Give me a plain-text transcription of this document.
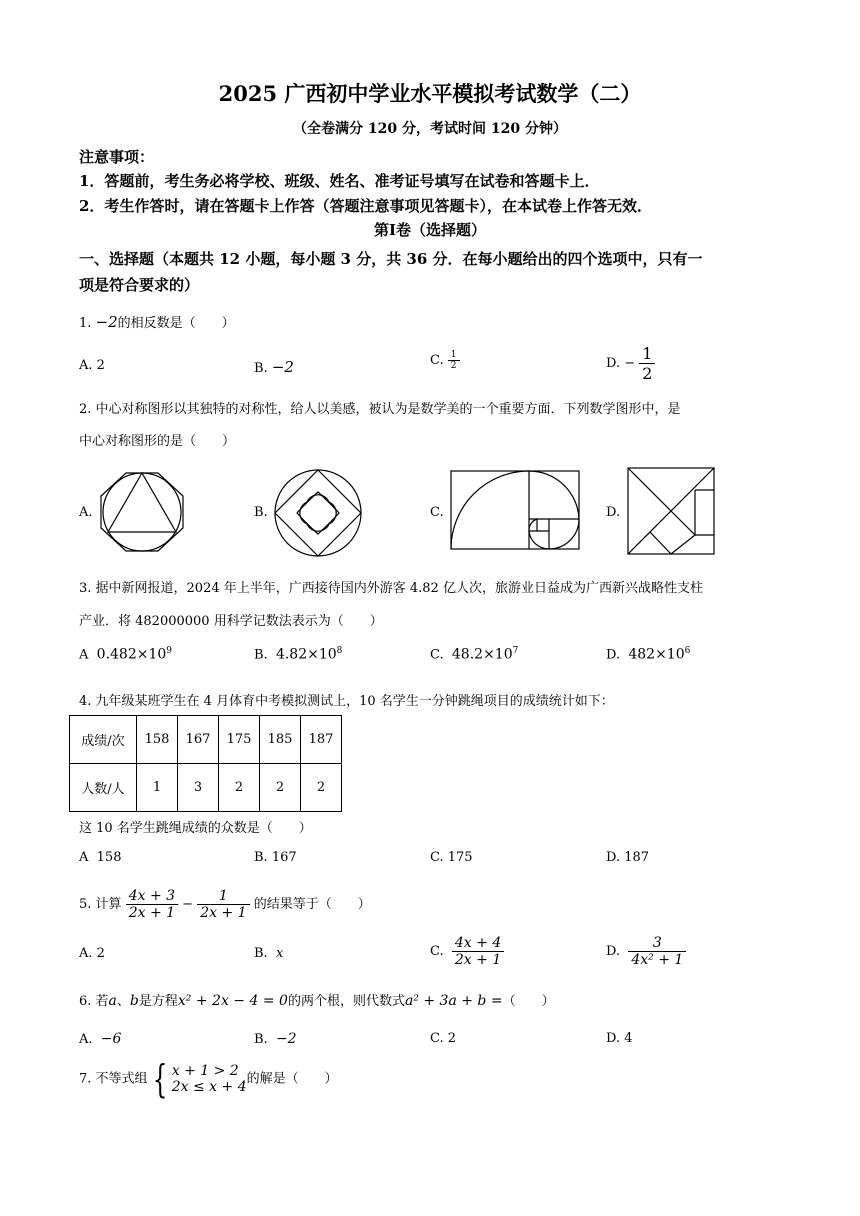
2025 广西初中学业水平模拟考试数学（二）
（全卷满分 120 分，考试时间 120 分钟）
注意事项：
1．答题前，考生务必将学校、班级、姓名、准考证号填写在试卷和答题卡上．
2．考生作答时，请在答题卡上作答（答题注意事项见答题卡），在本试卷上作答无效．
第Ⅰ卷（选择题）
一、选择题（本题共 12 小题，每小题 3 分，共 36 分．在每小题给出的四个选项中，只有一
项是符合要求的）
1. −2的相反数是（　　）
A. 2	B. −2	C. $\frac{1}{2}$	D. − $\frac{1}{2}$
2. 中心对称图形以其独特的对称性，给人以美感，被认为是数学美的一个重要方面．下列数学图形中，是
中心对称图形的是（　　）
A.	B.	C.	D.
3. 据中新网报道，2024 年上半年，广西接待国内外游客 4.82 亿人次，旅游业日益成为广西新兴战略性支柱
产业．将 482000000 用科学记数法表示为（　　）
A $0.482\times 10^9$	B. $4.82\times 10^8$	C. $48.2\times 10^7$	D. $482\times 10^6$
4. 九年级某班学生在 4 月体育中考模拟测试上，10 名学生一分钟跳绳项目的成绩统计如下：
成绩/次	158	167	175	185	187
人数/人	1	3	2	2	2
这 10 名学生跳绳成绩的众数是（　　）
A 158	B. 167	C. 175	D. 187
5. 计算 $\frac{4x + 3}{2x + 1} - \frac{1}{2x + 1}$ 的结果等于（　　）
A. 2	B. x	C. $\frac{4x + 4}{2x + 1}$	D. $\frac{3}{\text{4x² + 1}}$
6. 若a、b是方程x² + 2x − 4 = 0的两个根，则代数式a² + 3a + b =（　　）
A. −6	B. −2	C. 2	D. 4
7. 不等式组 { x + 1 > 2
2x ≤ x + 4 的解是（　　）
